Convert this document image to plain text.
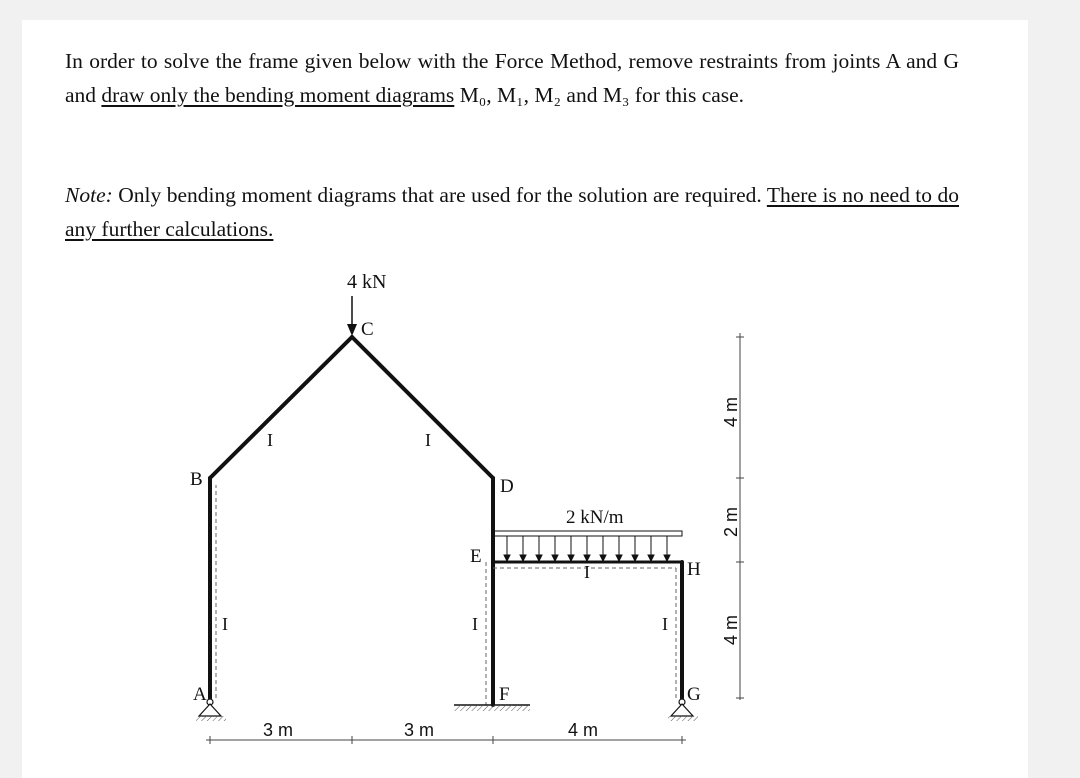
In order to solve the frame given below with the Force Method, remove restraints from joints A and G and draw only the bending moment diagrams M₀, M₁, M₂ and M₃ for this case.
Note: Only bending moment diagrams that are used for the solution are required. There is no need to do any further calculations.
4 kN
2 kN/m
A
B
C
D
E
F	G
H
I	I
I	I
I
I
3 m	3 m	4 m
4 m
2 m
4 m
